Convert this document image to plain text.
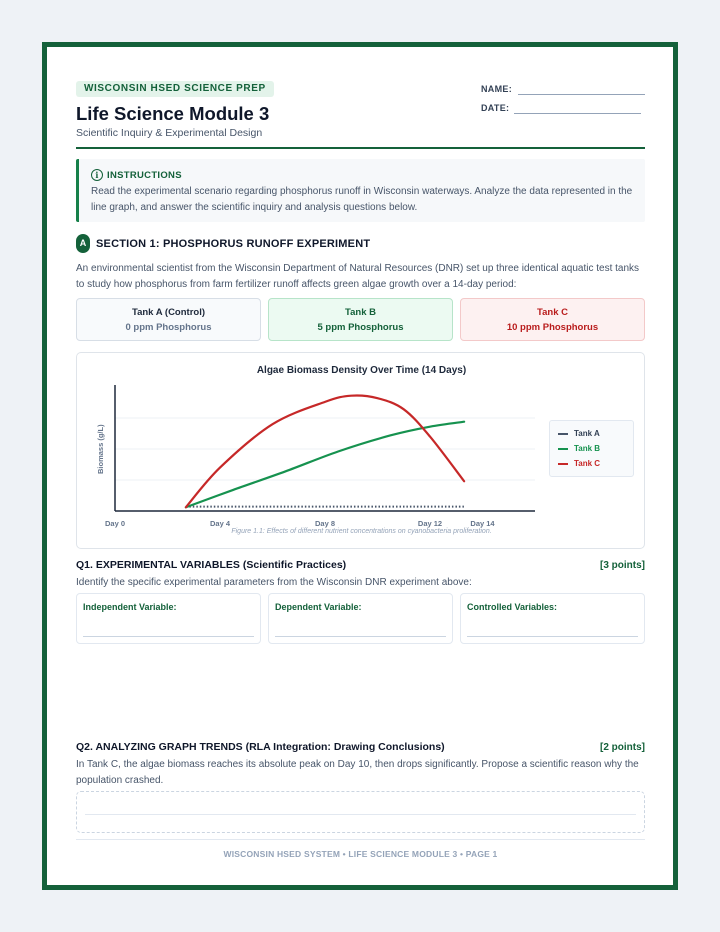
WISCONSIN HSED SCIENCE PREP
Life Science Module 3
Scientific Inquiry & Experimental Design
NAME:
DATE:
i INSTRUCTIONS
Read the experimental scenario regarding phosphorus runoff in Wisconsin waterways. Analyze the data represented in the line graph, and answer the scientific inquiry and analysis questions below.
A SECTION 1: PHOSPHORUS RUNOFF EXPERIMENT
An environmental scientist from the Wisconsin Department of Natural Resources (DNR) set up three identical aquatic test tanks to study how phosphorus from farm fertilizer runoff affects green algae growth over a 14-day period:
Tank A (Control)
0 ppm Phosphorus
Tank B
5 ppm Phosphorus
Tank C
10 ppm Phosphorus
Algae Biomass Density Over Time (14 Days)
Biomass (g/L)
Day 0	Day 4	Day 8	Day 12	Day 14
Figure 1.1: Effects of different nutrient concentrations on cyanobacteria proliferation.
Tank A
Tank B
Tank C
Q1. EXPERIMENTAL VARIABLES (Scientific Practices)	[3 points]
Identify the specific experimental parameters from the Wisconsin DNR experiment above:
Independent Variable:	Dependent Variable:	Controlled Variables:
Q2. ANALYZING GRAPH TRENDS (RLA Integration: Drawing Conclusions)	[2 points]
In Tank C, the algae biomass reaches its absolute peak on Day 10, then drops significantly. Propose a scientific reason why the population crashed.
WISCONSIN HSED SYSTEM • LIFE SCIENCE MODULE 3 • PAGE 1
